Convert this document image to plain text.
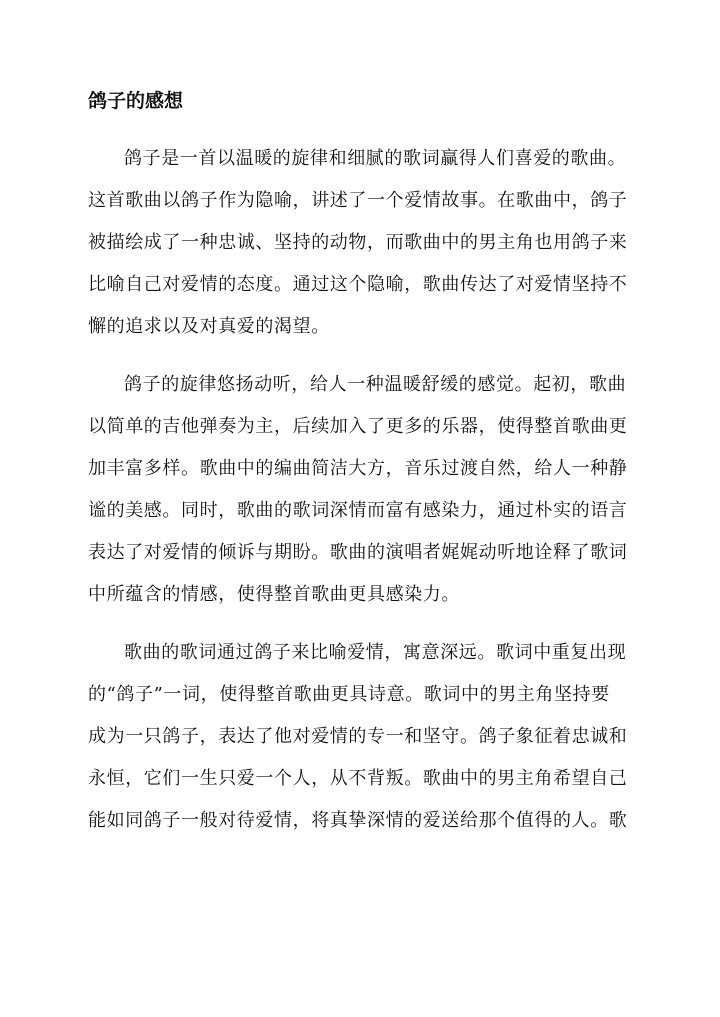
鸽子的感想

鸽子是一首以温暖的旋律和细腻的歌词赢得人们喜爱的歌曲。

这首歌曲以鸽子作为隐喻，讲述了一个爱情故事。在歌曲中，鸽子

被描绘成了一种忠诚、坚持的动物，而歌曲中的男主角也用鸽子来

比喻自己对爱情的态度。通过这个隐喻，歌曲传达了对爱情坚持不

懈的追求以及对真爱的渴望。

鸽子的旋律悠扬动听，给人一种温暖舒缓的感觉。起初，歌曲

以简单的吉他弹奏为主，后续加入了更多的乐器，使得整首歌曲更

加丰富多样。歌曲中的编曲简洁大方，音乐过渡自然，给人一种静

谧的美感。同时，歌曲的歌词深情而富有感染力，通过朴实的语言

表达了对爱情的倾诉与期盼。歌曲的演唱者娓娓动听地诠释了歌词

中所蕴含的情感，使得整首歌曲更具感染力。

歌曲的歌词通过鸽子来比喻爱情，寓意深远。歌词中重复出现

的“鸽子”一词，使得整首歌曲更具诗意。歌词中的男主角坚持要

成为一只鸽子，表达了他对爱情的专一和坚守。鸽子象征着忠诚和

永恒，它们一生只爱一个人，从不背叛。歌曲中的男主角希望自己

能如同鸽子一般对待爱情，将真挚深情的爱送给那个值得的人。歌
